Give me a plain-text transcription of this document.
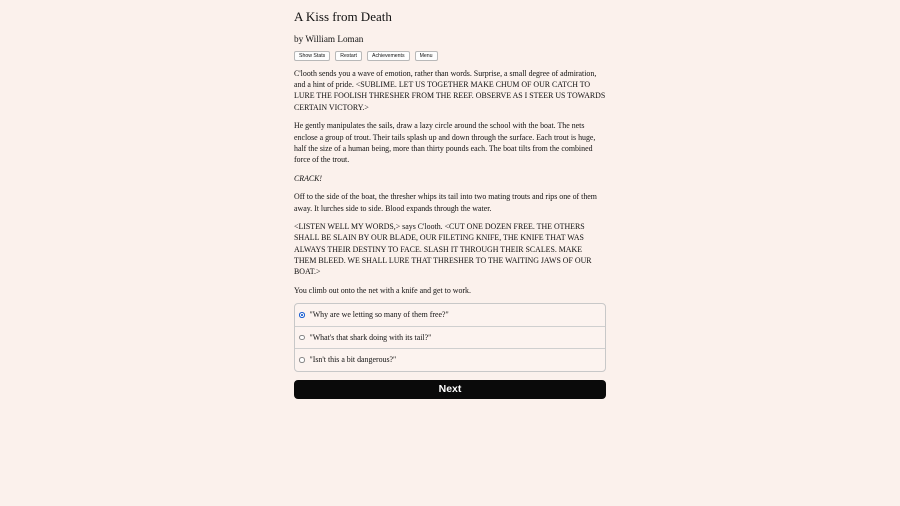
A Kiss from Death
by William Loman
Show Stats	Restart	Achievements	Menu

C'looth sends you a wave of emotion, rather than words. Surprise, a small degree of admiration, and a hint of pride. <SUBLIME. LET US TOGETHER MAKE CHUM OF OUR CATCH TO LURE THE FOOLISH THRESHER FROM THE REEF. OBSERVE AS I STEER US TOWARDS CERTAIN VICTORY.>

He gently manipulates the sails, draw a lazy circle around the school with the boat. The nets enclose a group of trout. Their tails splash up and down through the surface. Each trout is huge, half the size of a human being, more than thirty pounds each. The boat tilts from the combined force of the trout.

CRACK!

Off to the side of the boat, the thresher whips its tail into two mating trouts and rips one of them away. It lurches side to side. Blood expands through the water.

<LISTEN WELL MY WORDS,> says C'looth. <CUT ONE DOZEN FREE. THE OTHERS SHALL BE SLAIN BY OUR BLADE, OUR FILETING KNIFE, THE KNIFE THAT WAS ALWAYS THEIR DESTINY TO FACE. SLASH IT THROUGH THEIR SCALES. MAKE THEM BLEED. WE SHALL LURE THAT THRESHER TO THE WAITING JAWS OF OUR BOAT.>

You climb out onto the net with a knife and get to work.

"Why are we letting so many of them free?"
"What's that shark doing with its tail?"
"Isn't this a bit dangerous?"
Next
